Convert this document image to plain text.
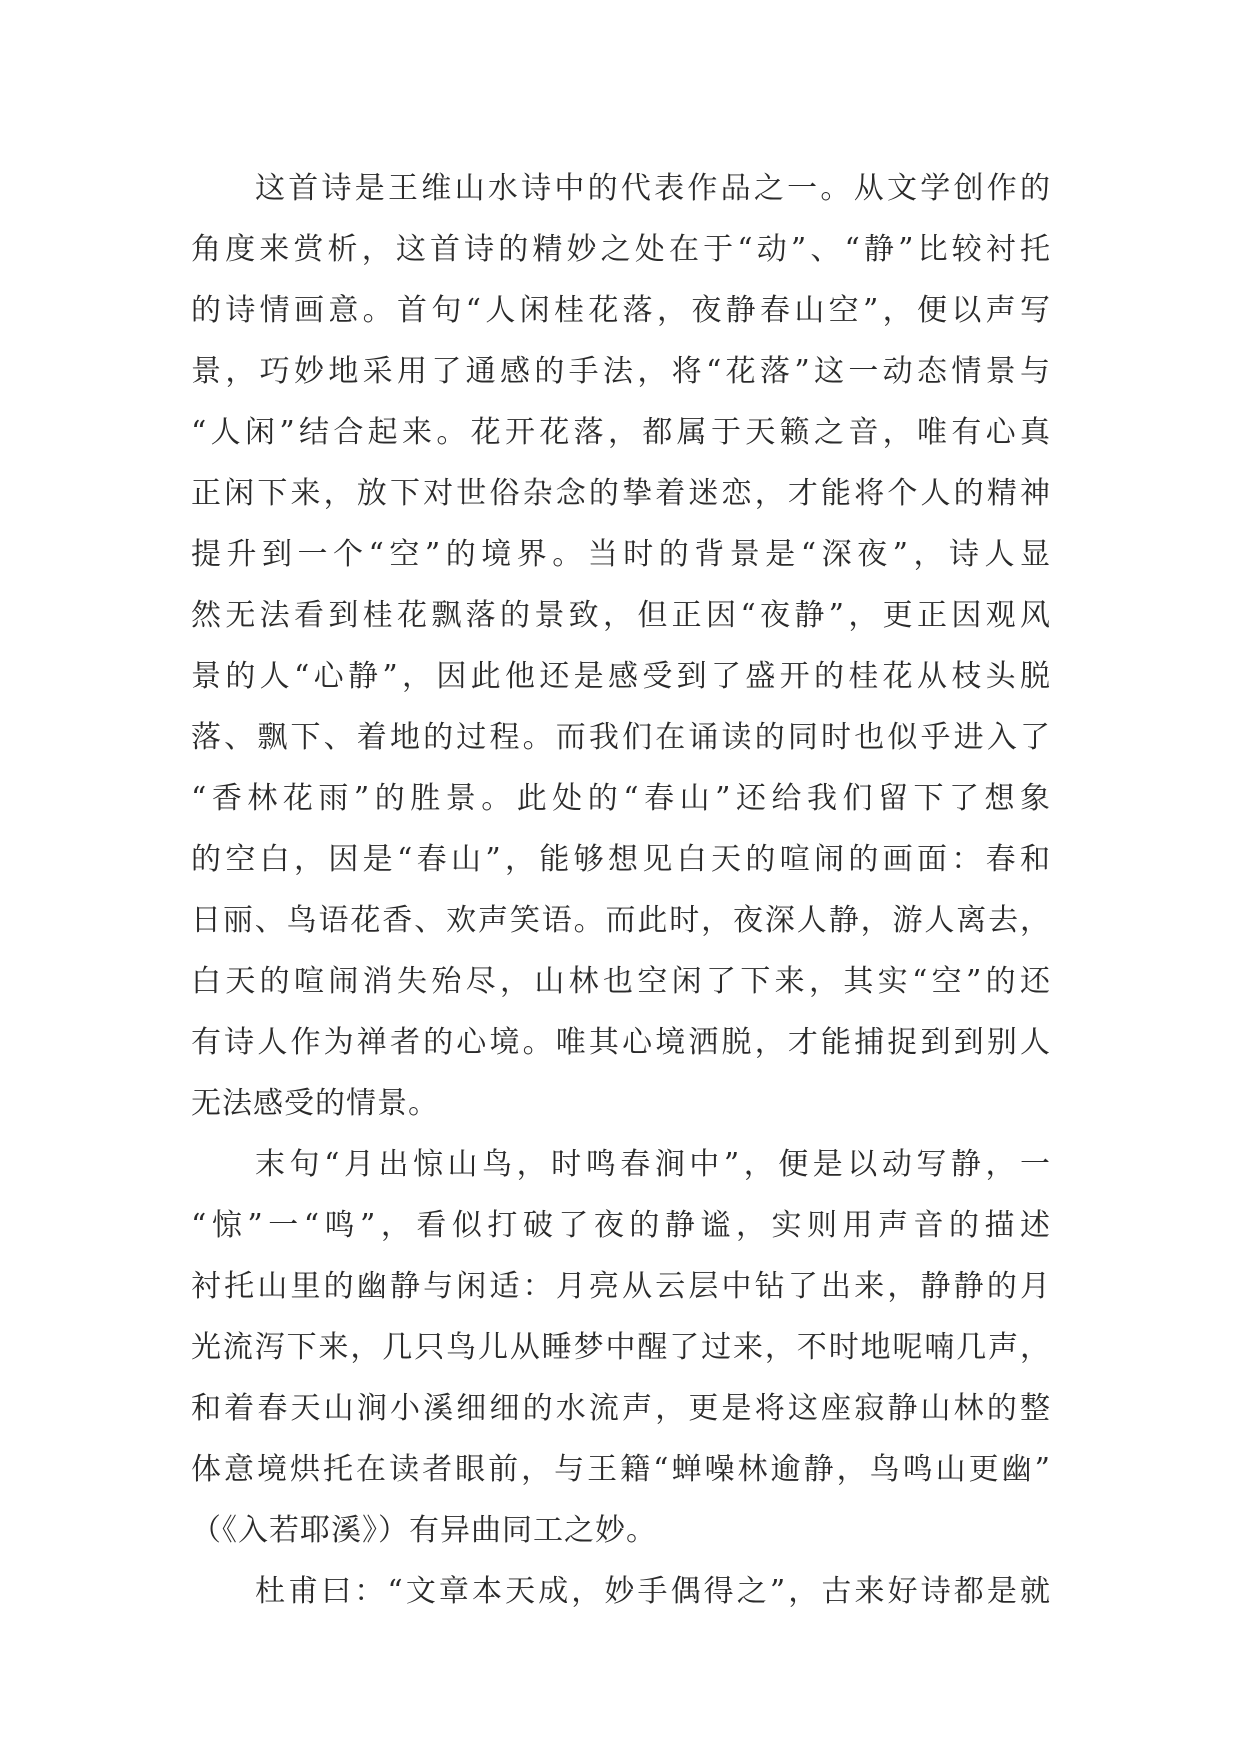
这首诗是王维山水诗中的代表作品之一。从文学创作的
角度来赏析，这首诗的精妙之处在于“动”、“静”比较衬托
的诗情画意。首句“人闲桂花落，夜静春山空”，便以声写
景，巧妙地采用了通感的手法，将“花落”这一动态情景与
“人闲”结合起来。花开花落，都属于天籁之音，唯有心真
正闲下来，放下对世俗杂念的挚着迷恋，才能将个人的精神
提升到一个“空”的境界。当时的背景是“深夜”，诗人显
然无法看到桂花飘落的景致，但正因“夜静”，更正因观风
景的人“心静”，因此他还是感受到了盛开的桂花从枝头脱
落、飘下、着地的过程。而我们在诵读的同时也似乎进入了
“香林花雨”的胜景。此处的“春山”还给我们留下了想象
的空白，因是“春山”，能够想见白天的喧闹的画面：春和
日丽、鸟语花香、欢声笑语。而此时，夜深人静，游人离去，
白天的喧闹消失殆尽，山林也空闲了下来，其实“空”的还
有诗人作为禅者的心境。唯其心境洒脱，才能捕捉到到别人
无法感受的情景。
末句“月出惊山鸟，时鸣春涧中”，便是以动写静，一
“惊”一“鸣”，看似打破了夜的静谧，实则用声音的描述
衬托山里的幽静与闲适：月亮从云层中钻了出来，静静的月
光流泻下来，几只鸟儿从睡梦中醒了过来，不时地呢喃几声，
和着春天山涧小溪细细的水流声，更是将这座寂静山林的整
体意境烘托在读者眼前，与王籍“蝉噪林逾静，鸟鸣山更幽”
（《入若耶溪》）有异曲同工之妙。
杜甫曰：“文章本天成，妙手偶得之”，古来好诗都是就
